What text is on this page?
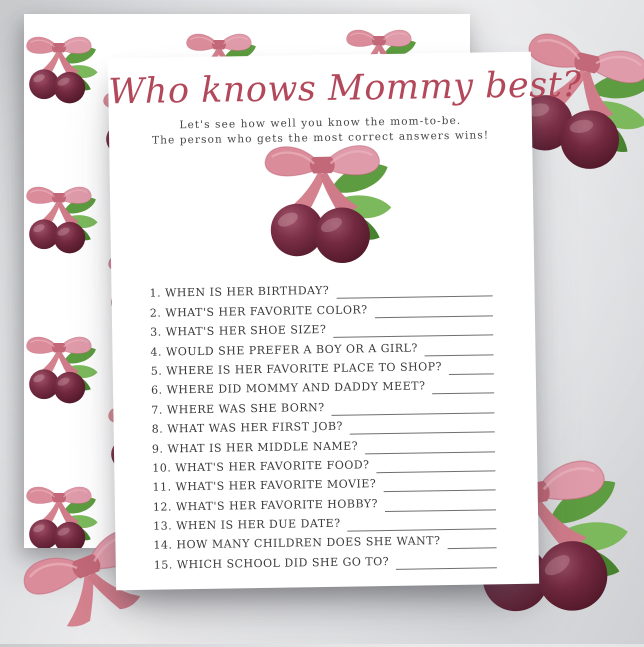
Who knows Mommy best?
Let's see how well you know the mom-to-be.
The person who gets the most correct answers wins!
1. WHEN IS HER BIRTHDAY?
2. WHAT'S HER FAVORITE COLOR?
3. WHAT'S HER SHOE SIZE?
4. WOULD SHE PREFER A BOY OR A GIRL?
5. WHERE IS HER FAVORITE PLACE TO SHOP?
6. WHERE DID MOMMY AND DADDY MEET?
7. WHERE WAS SHE BORN?
8. WHAT WAS HER FIRST JOB?
9. WHAT IS HER MIDDLE NAME?
10. WHAT'S HER FAVORITE FOOD?
11. WHAT'S HER FAVORITE MOVIE?
12. WHAT'S HER FAVORITE HOBBY?
13. WHEN IS HER DUE DATE?
14. HOW MANY CHILDREN DOES SHE WANT?
15. WHICH SCHOOL DID SHE GO TO?
